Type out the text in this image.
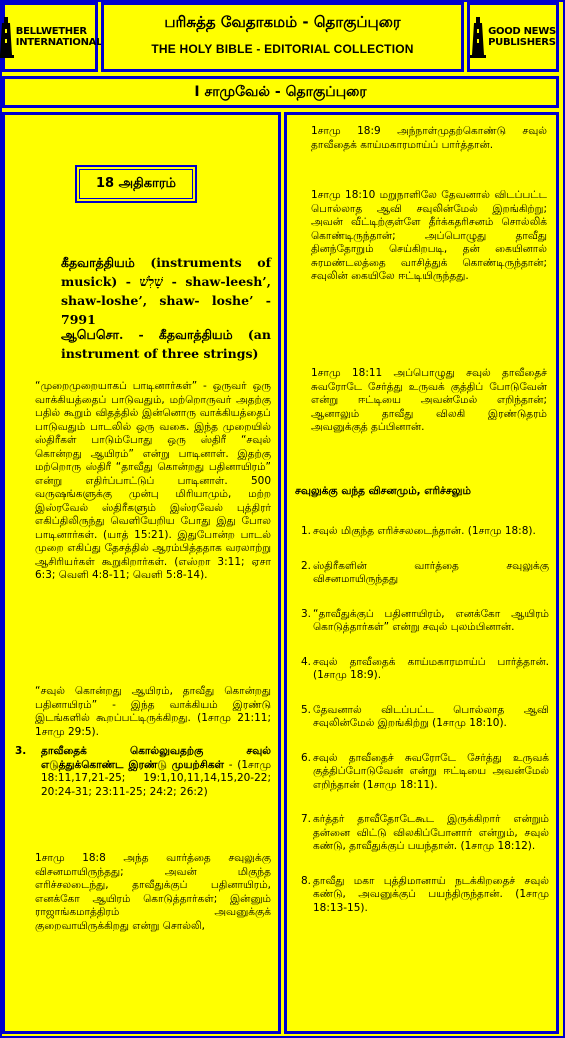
BELLWETHER
INTERNATIONAL
பரிசுத்த வேதாகமம் - தொகுப்புரை
THE HOLY BIBLE - EDITORIAL COLLECTION
GOOD NEWS
PUBLISHERS
I சாமுவேல் - தொகுப்புரை
18 அதிகாரம்
கீதவாத்தியம் (instruments of musick) - שָׁלִשׁ - shaw-leesh’, shaw-loshe’, shaw- loshe’ - 7991
ஆபெசொ. - கீதவாத்தியம் (an instrument of three strings)
“முறைமுறையாகப் பாடினார்கள்” - ஒருவர் ஒரு வாக்கியத்தைப் பாடுவதும், மற்றொருவர் அதற்கு பதில் கூறும் விதத்தில் இன்னொரு வாக்கியத்தைப் பாடுவதும் பாடலில் ஒரு வகை. இந்த முறையில் ஸ்திரீகள் பாடும்போது ஒரு ஸ்திரீ “சவுல் கொன்றது ஆயிரம்” என்று பாடினாள். இதற்கு மற்றொரு ஸ்திரீ “தாவீது கொன்றது பதினாயிரம்” என்று எதிர்ப்பாட்டுப் பாடினாள். 500 வருஷங்களுக்கு முன்பு மிரியாமும், மற்ற இஸ்ரவேல் ஸ்திரீகளும் இஸ்ரவேல் புத்திரர் எகிப்திலிருந்து வெளியேறிய போது இது போல பாடினார்கள். (யாத் 15:21). இதுபோன்ற பாடல் முறை எகிப்து தேசத்தில் ஆரம்பித்ததாக வரலாற்று ஆசிரியர்கள் கூறுகிறார்கள். (எஸ்றா 3:11; ஏசா 6:3; வெளி 4:8-11; வெளி 5:8-14).
“சவுல் கொன்றது ஆயிரம், தாவீது கொன்றது பதினாயிரம்” - இந்த வாக்கியம் இரண்டு இடங்களில் கூறப்பட்டிருக்கிறது. (1சாமு 21:11; 1சாமு 29:5).
3.	தாவீதைக் கொல்லுவதற்கு சவுல் எடுத்துக்கொண்ட இரண்டு முயற்சிகள் - (1சாமு 18:11,17,21-25; 19:1,10,11,14,15,20-22; 20:24-31; 23:11-25; 24:2; 26:2)
1சாமு 18:8 அந்த வார்த்தை சவுலுக்கு விசனமாயிருந்தது; அவன் மிகுந்த எரிச்சலடைந்து, தாவீதுக்குப் பதினாயிரம், எனக்கோ ஆயிரம் கொடுத்தார்கள்; இன்னும் ராஜாங்கமாத்திரம் அவனுக்குக் குறைவாயிருக்கிறது என்று சொல்லி,
1சாமு 18:9 அந்நாள்முதற்கொண்டு சவுல் தாவீதைக் காய்மகாரமாய்ப் பார்த்தான்.
1சாமு 18:10 மறுநாளிலே தேவனால் விடப்பட்ட பொல்லாத ஆவி சவுலின்மேல் இறங்கிற்று; அவன் வீட்டிற்குள்ளே தீர்க்கதரிசனம் சொல்லிக் கொண்டிருந்தான்; அப்பொழுது தாவீது தினந்தோறும் செய்கிறபடி, தன் கையினால் சுரமண்டலத்தை வாசித்துக் கொண்டிருந்தான்; சவுலின் கையிலே ஈட்டியிருந்தது.
1சாமு 18:11 அப்பொழுது சவுல் தாவீதைச் சுவரோடே சேர்த்து உருவக் குத்திப் போடுவேன் என்று ஈட்டியை அவன்மேல் எறிந்தான்; ஆனாலும் தாவீது விலகி இரண்டுதரம் அவனுக்குத் தப்பினான்.
சவுலுக்கு வந்த விசனமும், எரிச்சலும்
1. சவுல் மிகுந்த எரிச்சலடைந்தான். (1சாமு 18:8).
2. ஸ்திரீகளின் வார்த்தை சவுலுக்கு விசனமாயிருந்தது
3. “தாவீதுக்குப் பதினாயிரம், எனக்கோ ஆயிரம் கொடுத்தார்கள்” என்று சவுல் புலம்பினான்.
4. சவுல் தாவீதைக் காய்மகாரமாய்ப் பார்த்தான். (1சாமு 18:9).
5. தேவனால் விடப்பட்ட பொல்லாத ஆவி சவுலின்மேல் இறங்கிற்று (1சாமு 18:10).
6. சவுல் தாவீதைச் சுவரோடே சேர்த்து உருவக் குத்திப்போடுவேன் என்று ஈட்டியை அவன்மேல் எறிந்தான் (1சாமு 18:11).
7. கர்த்தர் தாவீதோடேகூட இருக்கிறார் என்றும் தன்னை விட்டு விலகிப்போனார் என்றும், சவுல் கண்டு, தாவீதுக்குப் பயந்தான். (1சாமு 18:12).
8. தாவீது மகா புத்திமானாய் நடக்கிறதைச் சவுல் கண்டு, அவனுக்குப் பயந்திருந்தான். (1சாமு 18:13-15).
